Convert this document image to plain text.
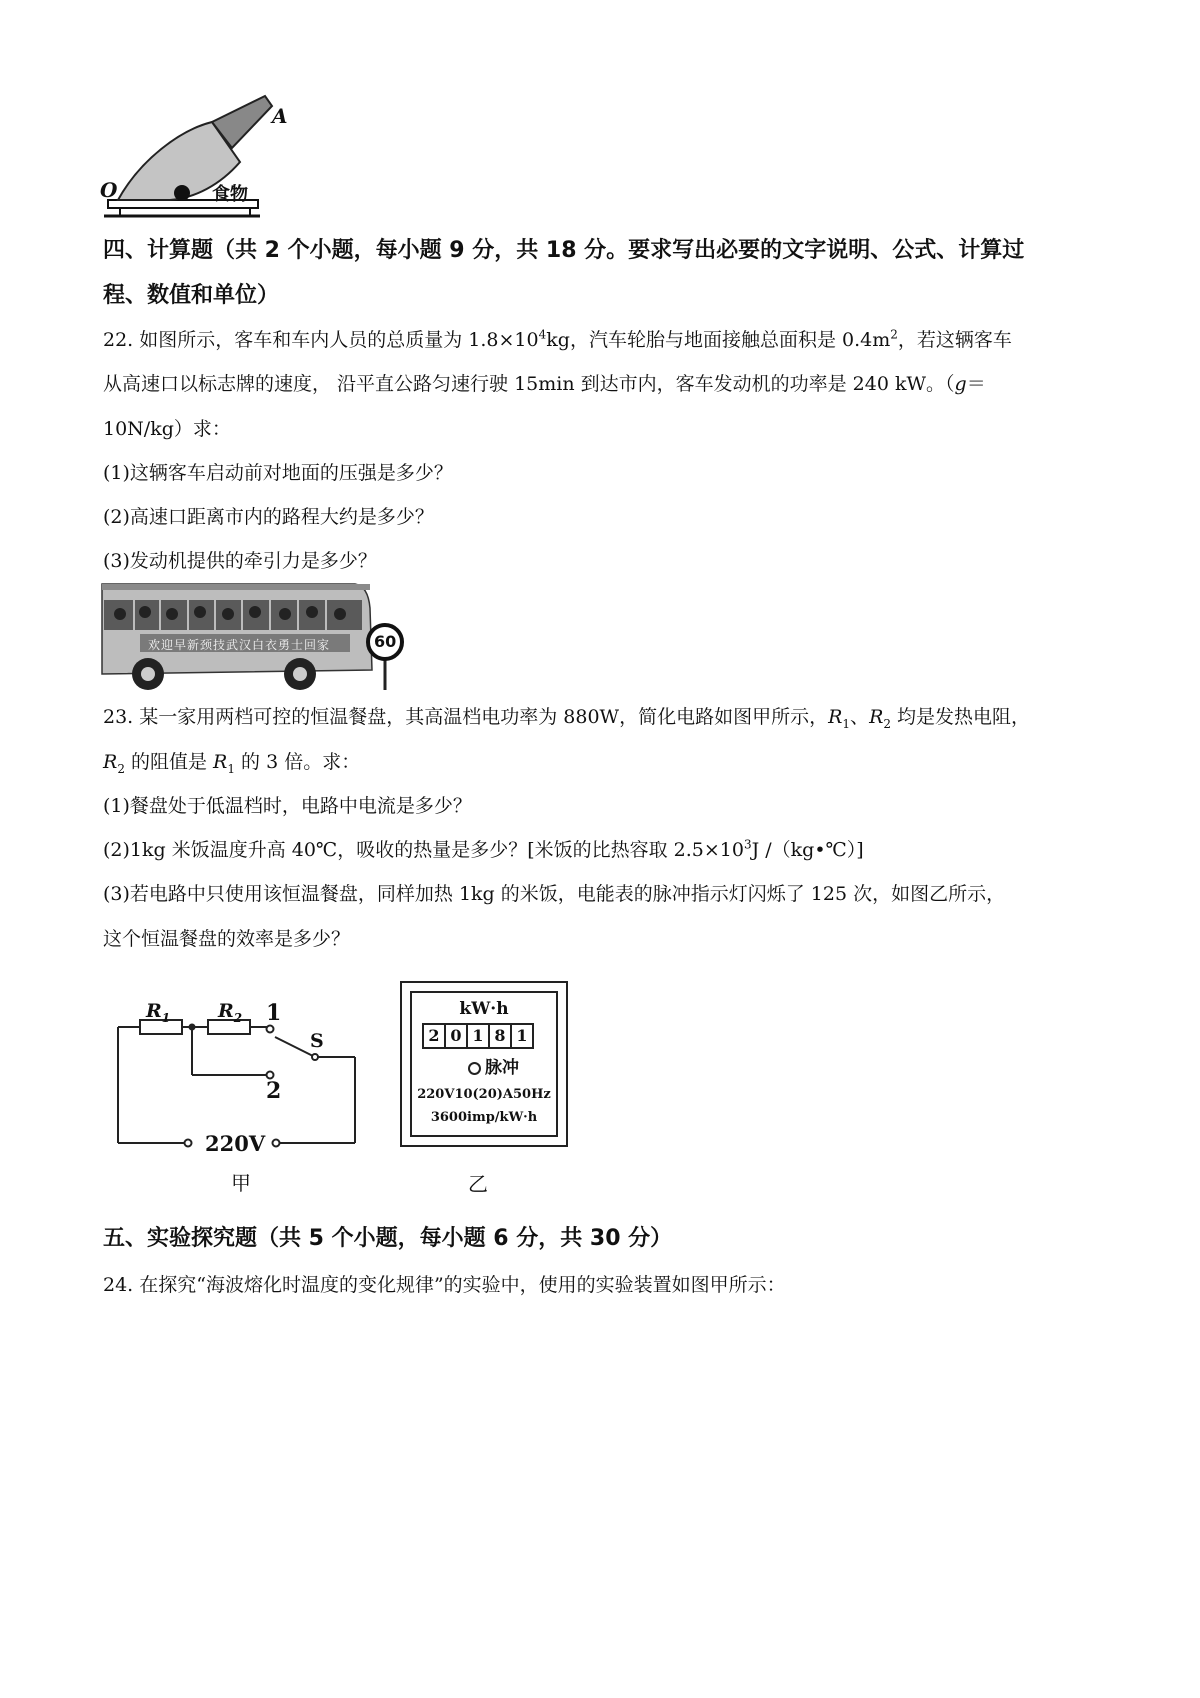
A
O	食物
四、计算题（共 2 个小题，每小题 9 分，共 18 分。要求写出必要的文字说明、公式、计算过
程、数值和单位）
22. 如图所示，客车和车内人员的总质量为 $1.8\times 10^4kg$，汽车轮胎与地面接触总面积是 $0.4m^2$，若这辆客车
从高速口以标志牌的速度， 沿平直公路匀速行驶 15min 到达市内，客车发动机的功率是 240 kW。（g＝
10N/kg）求：
(1)这辆客车启动前对地面的压强是多少？
(2)高速口距离市内的路程大约是多少？
(3)发动机提供的牵引力是多少？
欢迎早新颈技武汉白衣勇士回家	60
23. 某一家用两档可控的恒温餐盘，其高温档电功率为 880W，简化电路如图甲所示，$R_1$、$R_2$ 均是发热电阻，
$R_2$ 的阻值是 $R_1$ 的 3 倍。求：
(1)餐盘处于低温档时，电路中电流是多少？
(2)1kg 米饭温度升高 40℃，吸收的热量是多少？[米饭的比热容取 $2.5\times 10^3J$ /（kg•℃）]
(3)若电路中只使用该恒温餐盘，同样加热 1kg 的米饭，电能表的脉冲指示灯闪烁了 125 次，如图乙所示，
这个恒温餐盘的效率是多少？
$R_1$	$R_2$ 1
S
2
220V
甲
kW·h
2 0 1 8 1
脉冲
220V10(20)A50Hz
3600imp/kW·h
乙
五、实验探究题（共 5 个小题，每小题 6 分，共 30 分）
24. 在探究“海波熔化时温度的变化规律”的实验中，使用的实验装置如图甲所示：
